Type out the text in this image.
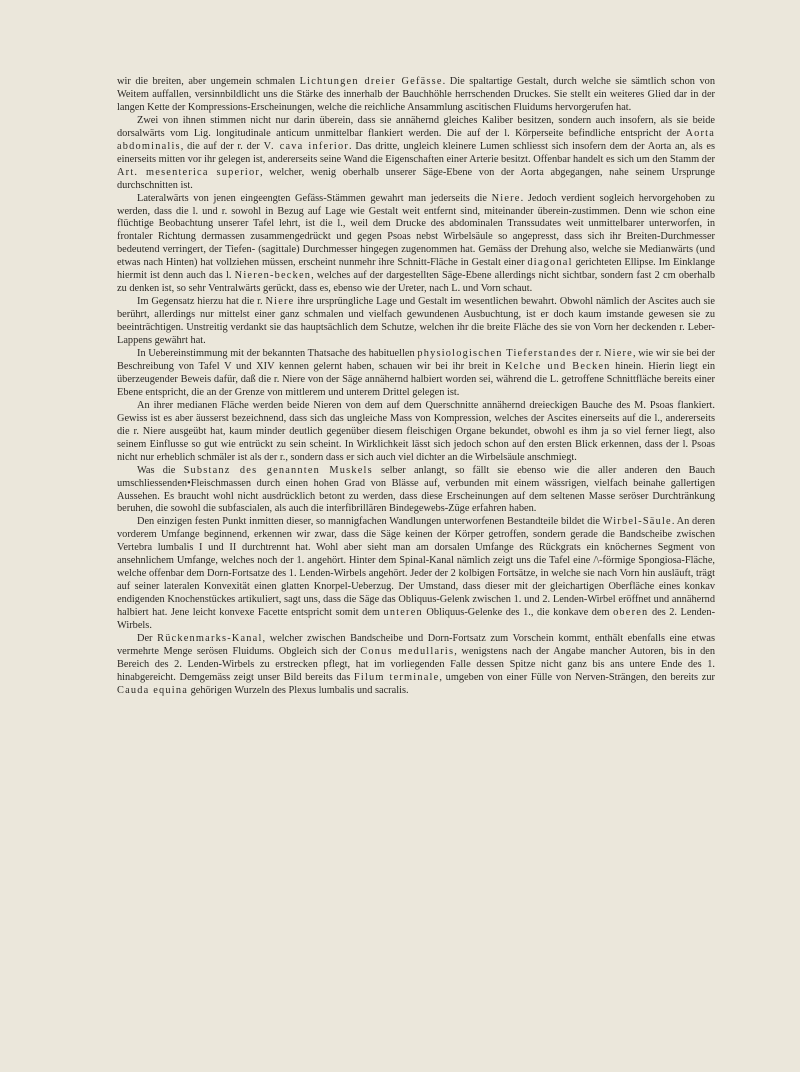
wir die breiten, aber ungemein schmalen Lichtungen dreier Gefässe. Die spaltartige Gestalt, durch welche sie sämtlich schon von Weitem auffallen, versinnbildlicht uns die Stärke des innerhalb der Bauchhöhle herrschenden Druckes. Sie stellt ein weiteres Glied dar in der langen Kette der Kompressions-Erscheinungen, welche die reichliche Ansammlung ascitischen Fluidums hervorgerufen hat.

Zwei von ihnen stimmen nicht nur darin überein, dass sie annähernd gleiches Kaliber besitzen, sondern auch insofern, als sie beide dorsalwärts vom Lig. longitudinale anticum unmittelbar flankiert werden. Die auf der l. Körperseite befindliche entspricht der Aorta abdominalis, die auf der r. der V. cava inferior. Das dritte, ungleich kleinere Lumen schliesst sich insofern dem der Aorta an, als es einerseits mitten vor ihr gelegen ist, andererseits seine Wand die Eigenschaften einer Arterie besitzt. Offenbar handelt es sich um den Stamm der Art. mesenterica superior, welcher, wenig oberhalb unserer Säge-Ebene von der Aorta abgegangen, nahe seinem Ursprunge durchschnitten ist.

Lateralwärts von jenen eingeengten Gefäss-Stämmen gewahrt man jederseits die Niere. Jedoch verdient sogleich hervorgehoben zu werden, dass die l. und r. sowohl in Bezug auf Lage wie Gestalt weit entfernt sind, miteinander überein-zustimmen. Denn wie schon eine flüchtige Beobachtung unserer Tafel lehrt, ist die l., weil dem Drucke des abdominalen Transsudates weit unmittelbarer unterworfen, in frontaler Richtung dermassen zusammengedrückt und gegen Psoas nebst Wirbelsäule so angepresst, dass sich ihr Breiten-Durchmesser bedeutend verringert, der Tiefen- (sagittale) Durchmesser hingegen zugenommen hat. Gemäss der Drehung also, welche sie Medianwärts (und etwas nach Hinten) hat vollziehen müssen, erscheint nunmehr ihre Schnitt-Fläche in Gestalt einer diagonal gerichteten Ellipse. Im Einklange hiermit ist denn auch das l. Nieren-becken, welches auf der dargestellten Säge-Ebene allerdings nicht sichtbar, sondern fast 2 cm oberhalb zu denken ist, so sehr Ventralwärts gerückt, dass es, ebenso wie der Ureter, nach L. und Vorn schaut.

Im Gegensatz hierzu hat die r. Niere ihre ursprüngliche Lage und Gestalt im wesentlichen bewahrt. Obwohl nämlich der Ascites auch sie berührt, allerdings nur mittelst einer ganz schmalen und vielfach gewundenen Ausbuchtung, ist er doch kaum imstande gewesen sie zu beeinträchtigen. Unstreitig verdankt sie das hauptsächlich dem Schutze, welchen ihr die breite Fläche des sie von Vorn her deckenden r. Leber-Lappens gewährt hat.

In Uebereinstimmung mit der bekannten Thatsache des habituellen physiologischen Tieferstandes der r. Niere, wie wir sie bei der Beschreibung von Tafel V und XIV kennen gelernt haben, schauen wir bei ihr breit in Kelche und Becken hinein. Hierin liegt ein überzeugender Beweis dafür, daß die r. Niere von der Säge annähernd halbiert worden sei, während die L. getroffene Schnittfläche bereits einer Ebene entspricht, die an der Grenze von mittlerem und unterem Drittel gelegen ist.

An ihrer medianen Fläche werden beide Nieren von dem auf dem Querschnitte annähernd dreieckigen Bauche des M. Psoas flankiert. Gewiss ist es aber äusserst bezeichnend, dass sich das ungleiche Mass von Kompression, welches der Ascites einerseits auf die l., andererseits die r. Niere ausgeübt hat, kaum minder deutlich gegenüber diesem fleischigen Organe bekundet, obwohl es ihm ja so viel ferner liegt, also seinem Einflusse so gut wie entrückt zu sein scheint. In Wirklichkeit lässt sich jedoch schon auf den ersten Blick erkennen, dass der l. Psoas nicht nur erheblich schmäler ist als der r., sondern dass er sich auch viel dichter an die Wirbelsäule anschmiegt.

Was die Substanz des genannten Muskels selber anlangt, so fällt sie ebenso wie die aller anderen den Bauch umschliessenden•Fleischmassen durch einen hohen Grad von Blässe auf, verbunden mit einem wässrigen, vielfach beinahe gallertigen Aussehen. Es braucht wohl nicht ausdrücklich betont zu werden, dass diese Erscheinungen auf dem seltenen Masse seröser Durchtränkung beruhen, die sowohl die subfascialen, als auch die interfibrillären Bindegewebs-Züge erfahren haben.

Den einzigen festen Punkt inmitten dieser, so mannigfachen Wandlungen unterworfenen Bestandteile bildet die Wirbel-Säule. An deren vorderem Umfange beginnend, erkennen wir zwar, dass die Säge keinen der Körper getroffen, sondern gerade die Bandscheibe zwischen Vertebra lumbalis I und II durchtrennt hat. Wohl aber sieht man am dorsalen Umfange des Rückgrats ein knöchernes Segment von ansehnlichem Umfange, welches noch der 1. angehört. Hinter dem Spinal-Kanal nämlich zeigt uns die Tafel eine /\-förmige Spongiosa-Fläche, welche offenbar dem Dorn-Fortsatze des 1. Lenden-Wirbels angehört. Jeder der 2 kolbigen Fortsätze, in welche sie nach Vorn hin ausläuft, trägt auf seiner lateralen Konvexität einen glatten Knorpel-Ueberzug. Der Umstand, dass dieser mit der gleichartigen Oberfläche eines konkav endigenden Knochenstückes artikuliert, sagt uns, dass die Säge das Obliquus-Gelenk zwischen 1. und 2. Lenden-Wirbel eröffnet und annähernd halbiert hat. Jene leicht konvexe Facette entspricht somit dem unteren Obliquus-Gelenke des 1., die konkave dem oberen des 2. Lenden-Wirbels.

Der Rückenmarks-Kanal, welcher zwischen Bandscheibe und Dorn-Fortsatz zum Vorschein kommt, enthält ebenfalls eine etwas vermehrte Menge serösen Fluidums. Obgleich sich der Conus medullaris, wenigstens nach der Angabe mancher Autoren, bis in den Bereich des 2. Lenden-Wirbels zu erstrecken pflegt, hat im vorliegenden Falle dessen Spitze nicht ganz bis ans untere Ende des 1. hinabgereicht. Demgemäss zeigt unser Bild bereits das Filum terminale, umgeben von einer Fülle von Nerven-Strängen, den bereits zur Cauda equina gehörigen Wurzeln des Plexus lumbalis und sacralis.
